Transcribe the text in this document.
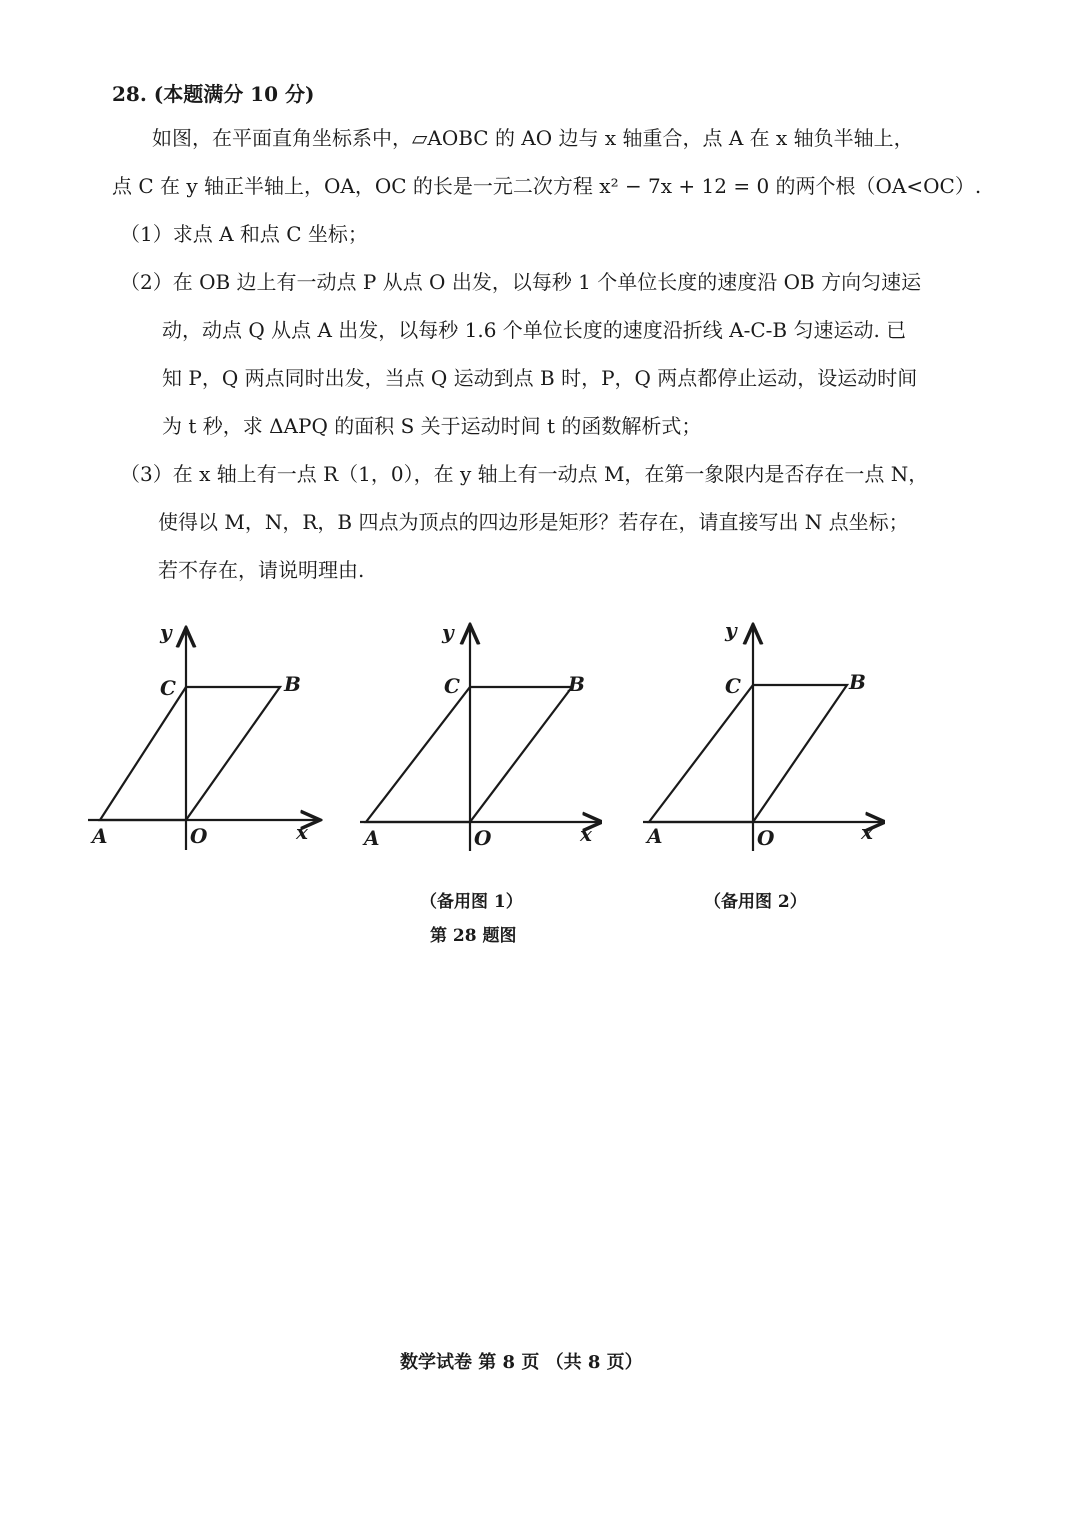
28. (本题满分 10 分)
如图，在平面直角坐标系中，▱AOBC 的 AO 边与 x 轴重合，点 A 在 x 轴负半轴上，
点 C 在 y 轴正半轴上，OA，OC 的长是一元二次方程 x² − 7x + 12 = 0 的两个根（OA<OC）.
（1）求点 A 和点 C 坐标；
（2）在 OB 边上有一动点 P 从点 O 出发，以每秒 1 个单位长度的速度沿 OB 方向匀速运
动，动点 Q 从点 A 出发，以每秒 1.6 个单位长度的速度沿折线 A-C-B 匀速运动. 已
知 P，Q 两点同时出发，当点 Q 运动到点 B 时，P，Q 两点都停止运动，设运动时间
为 t 秒，求 ΔAPQ 的面积 S 关于运动时间 t 的函数解析式；
（3）在 x 轴上有一点 R（1，0），在 y 轴上有一动点 M，在第一象限内是否存在一点 N，
使得以 M，N，R，B 四点为顶点的四边形是矩形？若存在，请直接写出 N 点坐标；
若不存在，请说明理由.
y
C	B
A	O	x
y
C	B
A	O	x
y
C	B
A	O	x
（备用图 1）	（备用图 2）
第 28 题图
数学试卷 第 8 页 （共 8 页）
